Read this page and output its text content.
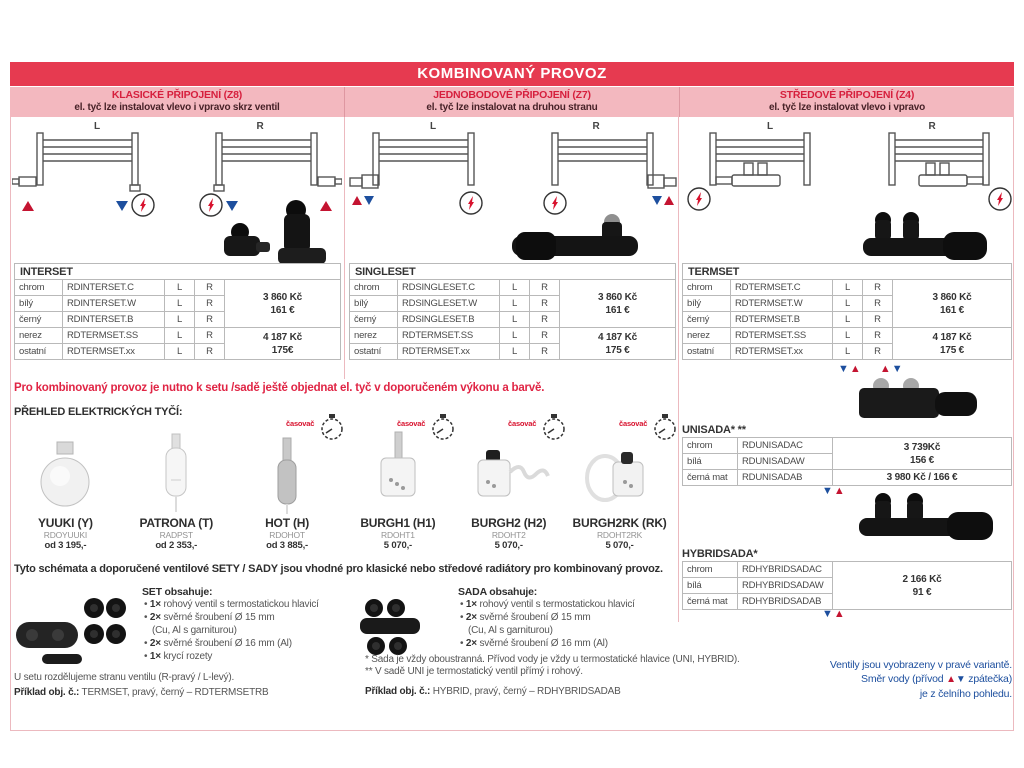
KOMBINOVANÝ PROVOZ
KLASICKÉ PŘIPOJENÍ (Z8)
el. tyč lze instalovat vlevo i vpravo skrz ventil
JEDNOBODOVÉ PŘIPOJENÍ (Z7)
el. tyč lze instalovat na druhou stranu
STŘEDOVÉ PŘIPOJENÍ (Z4)
el. tyč lze instalovat vlevo i vpravo
L	R	L	R	L	R
INTERSET
chrom	RDINTERSET.C	L	R	3 860 Kč
161 €

bílý	RDINTERSET.W	L	R	
černý	RDINTERSET.B	L	R	
nerez	RDTERMSET.SS	L	R	4 187 Kč
175€

ostatní	RDTERMSET.xx	L	R	
SINGLESET
chrom	RDSINGLESET.C	L	R	3 860 Kč
161 €

bílý	RDSINGLESET.W	L	R	
černý	RDSINGLESET.B	L	R	
nerez	RDTERMSET.SS	L	R	4 187 Kč
175 €

ostatní	RDTERMSET.xx	L	R	
TERMSET
chrom	RDTERMSET.C	L	R	3 860 Kč
161 €

bílý	RDTERMSET.W	L	R	
černý	RDTERMSET.B	L	R	
nerez	RDTERMSET.SS	L	R	4 187 Kč
175 €

ostatní	RDTERMSET.xx	L	R	
▼▲ ▲▼
Pro kombinovaný provoz je nutno k setu /sadě ještě objednat el. tyč v doporučeném výkonu a barvě.
PŘEHLED ELEKTRICKÝCH TYČÍ:
YUUKI (Y)
RDOYUUKI
od 3 195,-
PATRONA (T)
RADPST
od 2 353,-
časovač
HOT (H)
RDOHOT
od 3 885,-
časovač
BURGH1 (H1)
RDOHT1
5 070,-
časovač
BURGH2 (H2)
RDOHT2
5 070,-
časovač
BURGH2RK (RK)
RDOHT2RK
5 070,-
UNISADA* **
chrom	RDUNISADAC	3 739Kč
156 €

bílá	RDUNISADAW	
černá mat	RDUNISADAB	3 980 Kč / 166 €
▼▲
HYBRIDSADA*
chrom	RDHYBRIDSADAC	2 166 Kč
91 €

bílá	RDHYBRIDSADAW	
černá mat	RDHYBRIDSADAB	
▼▲
Tyto schémata a doporučené ventilové SETY / SADY jsou vhodné pro klasické nebo středové radiátory pro kombinovaný provoz.
SET obsahuje:
• 1× rohový ventil s termostatickou hlavicí
• 2× svěrné šroubení Ø 15 mm
(Cu, Al s garniturou)
• 2× svěrné šroubení Ø 16 mm (Al)
• 1× krycí rozety
SADA obsahuje:
• 1× rohový ventil s termostatickou hlavicí
• 2× svěrné šroubení Ø 15 mm
(Cu, Al s garniturou)
• 2× svěrné šroubení Ø 16 mm (Al)
U setu rozdělujeme stranu ventilu (R-pravý / L-levý).
Příklad obj. č.: TERMSET, pravý, černý – RDTERMSETRB
* Sada je vždy oboustranná. Přívod vody je vždy u termostatické hlavice (UNI, HYBRID).
** V sadě UNI je termostatický ventil přímý i rohový.
Příklad obj. č.: HYBRID, pravý, černý – RDHYBRIDSADAB
Ventily jsou vyobrazeny v pravé variantě.
Směr vody (přívod ▲▼ zpátečka)
je z čelního pohledu.
